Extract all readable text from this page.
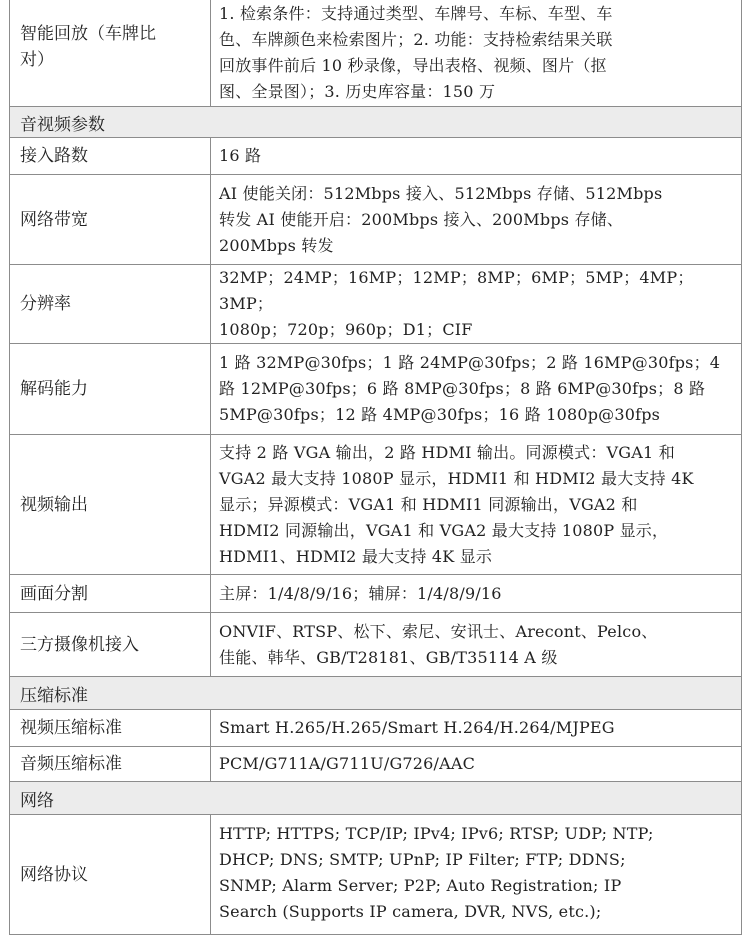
智能回放（车牌比
对）	1. 检索条件：支持通过类型、车牌号、车标、车型、车
色、车牌颜色来检索图片；2. 功能：支持检索结果关联
回放事件前后 10 秒录像，导出表格、视频、图片（抠
图、全景图）；3. 历史库容量：150 万
音视频参数	
接入路数	16 路
网络带宽	AI 使能关闭：512Mbps 接入、512Mbps 存储、512Mbps
转发 AI 使能开启：200Mbps 接入、200Mbps 存储、
200Mbps 转发
分辨率	32MP；24MP；16MP；12MP；8MP；6MP；5MP；4MP；3MP；
1080p；720p；960p；D1；CIF
解码能力	1 路 32MP@30fps；1 路 24MP@30fps；2 路 16MP@30fps；4
路 12MP@30fps；6 路 8MP@30fps；8 路 6MP@30fps；8 路
5MP@30fps；12 路 4MP@30fps；16 路 1080p@30fps
视频输出	支持 2 路 VGA 输出，2 路 HDMI 输出。同源模式：VGA1 和
VGA2 最大支持 1080P 显示，HDMI1 和 HDMI2 最大支持 4K
显示；异源模式：VGA1 和 HDMI1 同源输出，VGA2 和
HDMI2 同源输出，VGA1 和 VGA2 最大支持 1080P 显示，
HDMI1、HDMI2 最大支持 4K 显示
画面分割	主屏：1/4/8/9/16；辅屏：1/4/8/9/16
三方摄像机接入	ONVIF、RTSP、松下、索尼、安讯士、Arecont、Pelco、
佳能、韩华、GB/T28181、GB/T35114 A 级
压缩标准	
视频压缩标准	Smart H.265/H.265/Smart H.264/H.264/MJPEG
音频压缩标准	PCM/G711A/G711U/G726/AAC
网络	
网络协议	HTTP; HTTPS; TCP/IP; IPv4; IPv6; RTSP; UDP; NTP;
DHCP; DNS; SMTP; UPnP; IP Filter; FTP; DDNS;
SNMP; Alarm Server; P2P; Auto Registration; IP
Search (Supports IP camera, DVR, NVS, etc.);
